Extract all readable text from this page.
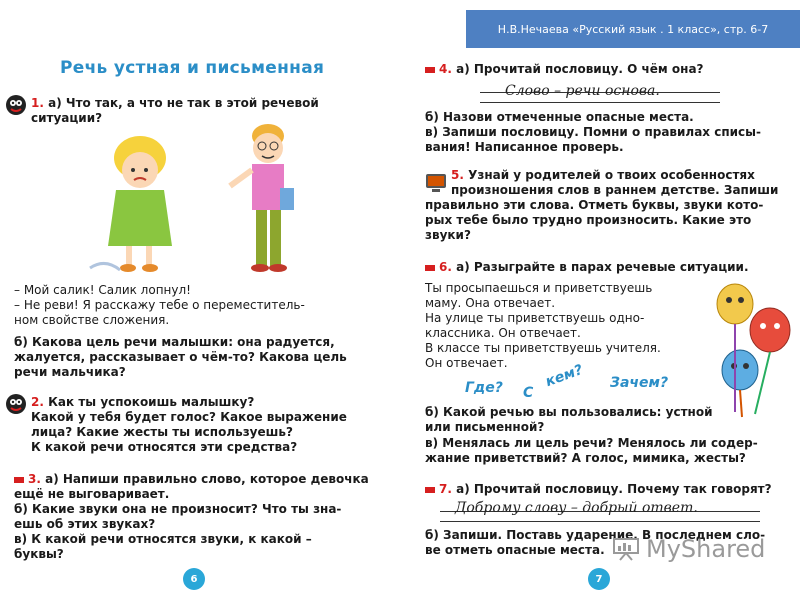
Н.В.Нечаева «Русский язык . 1 класс», стр. 6-7
Речь устная и письменная
1. а) Что так, а что не так в этой речевой ситуации?
– Мой салик! Салик лопнул!
– Не реви! Я расскажу тебе о переместитель-
ном свойстве сложения.
б) Какова цель речи малышки: она радуется,
жалуется, рассказывает о чём-то? Какова цель
речи мальчика?
2. Как ты успокоишь малышку?
Какой у тебя будет голос? Какое выражение
лица? Какие жесты ты используешь?
К какой речи относятся эти средства?
3. а) Напиши правильно слово, которое девочка
ещё не выговаривает.
б) Какие звуки она не произносит? Что ты зна-
ешь об этих звуках?
в) К какой речи относятся звуки, к какой –
буквы?
6
4. а) Прочитай пословицу. О чём она?
Слово – речи основа.
б) Назови отмеченные опасные места.
в) Запиши пословицу. Помни о правилах списы-
вания! Написанное проверь.
5. Узнай у родителей о твоих особенностях
произношения слов в раннем детстве. Запиши
правильно эти слова. Отметь буквы, звуки кото-
рых тебе было трудно произносить. Какие это
звуки?
6. а) Разыграйте в парах речевые ситуации.
Ты просыпаешься и приветствуешь
маму. Она отвечает.
На улице ты приветствуешь одно-
классника. Он отвечает.
В классе ты приветствуешь учителя.
Он отвечает.
Где? С
кем? Зачем?
б) Какой речью вы пользовались: устной
или письменной?
в) Менялась ли цель речи? Менялось ли содер-
жание приветствий? А голос, мимика, жесты?
7. а) Прочитай пословицу. Почему так говорят?
Доброму слову – добрый ответ.
б) Запиши. Поставь ударение. В последнем сло-
ве отметь опасные места.
7
MyShared
